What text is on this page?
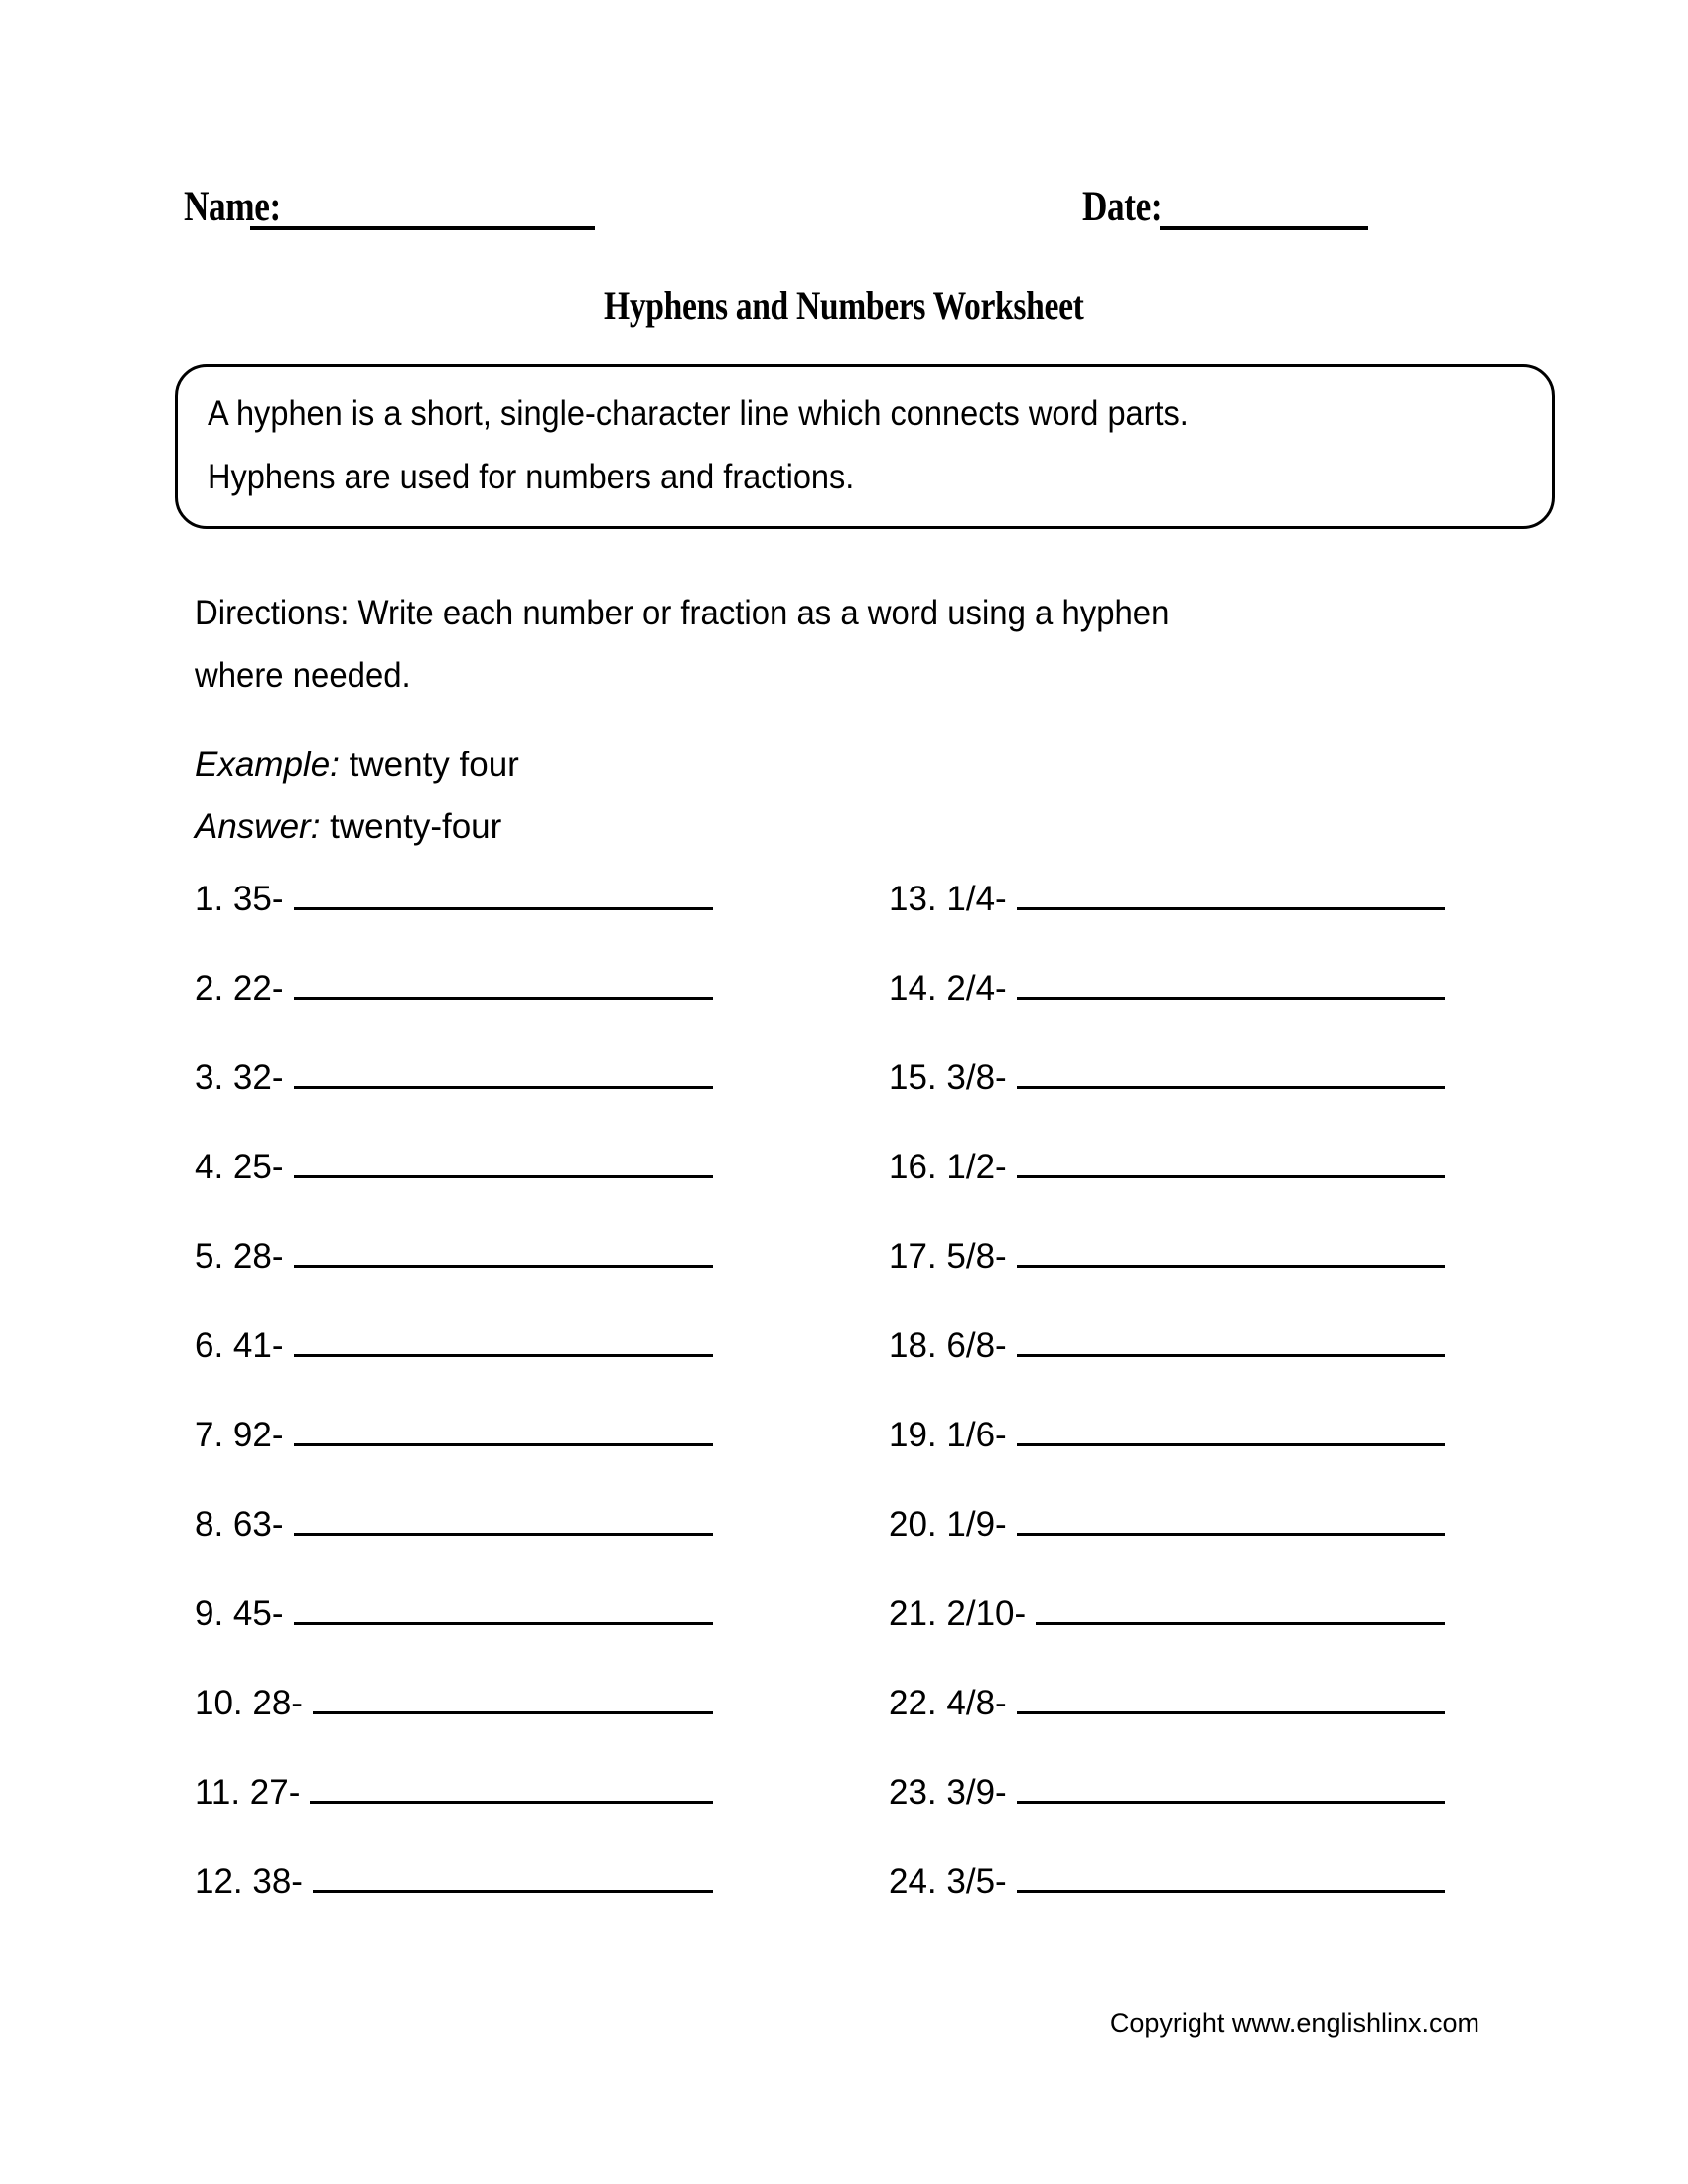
Name:	Date:
Hyphens and Numbers Worksheet
A hyphen is a short, single-character line which connects word parts.
Hyphens are used for numbers and fractions.
Directions: Write each number or fraction as a word using a hyphen
where needed.
Example: twenty four
Answer: twenty-four
1. 35-
2. 22-
3. 32-
4. 25-
5. 28-
6. 41-
7. 92-
8. 63-
9. 45-
10. 28-
11. 27-
12. 38-
13. 1/4-
14. 2/4-
15. 3/8-
16. 1/2-
17. 5/8-
18. 6/8-
19. 1/6-
20. 1/9-
21. 2/10-
22. 4/8-
23. 3/9-
24. 3/5-
Copyright www.englishlinx.com
